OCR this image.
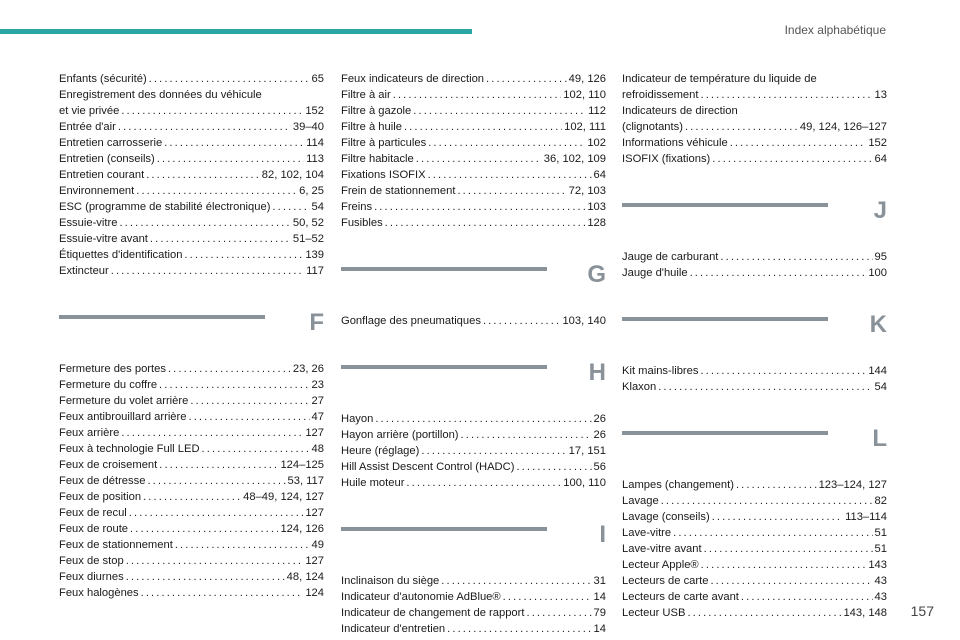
Index alphabétique
Enfants (sécurité) . . .	65
Enregistrement des données du véhicule
et vie privée . . .	152
Entrée d'air . . .	39–40
Entretien carrosserie . . .	114
Entretien (conseils) . . .	113
Entretien courant . . .	82, 102, 104
Environnement . . .	6, 25
ESC (programme de stabilité électronique) . . .	54
Essuie-vitre . . .	50, 52
Essuie-vitre avant . . .	51–52
Étiquettes d'identification . . .	139
Extincteur . . .	117
F
Fermeture des portes . . .	23, 26
Fermeture du coffre . . .	23
Fermeture du volet arrière . . .	27
Feux antibrouillard arrière . . .	47
Feux arrière . . .	127
Feux à technologie Full LED . . .	48
Feux de croisement . . .	124–125
Feux de détresse . . .	53, 117
Feux de position . . .	48–49, 124, 127
Feux de recul . . .	127
Feux de route . . .	124, 126
Feux de stationnement . . .	49
Feux de stop . . .	127
Feux diurnes . . .	48, 124
Feux halogènes . . .	124
Feux indicateurs de direction . . .	49, 126
Filtre à air . . .	102, 110
Filtre à gazole . . .	112
Filtre à huile . . .	102, 111
Filtre à particules . . .	102
Filtre habitacle . . .	36, 102, 109
Fixations ISOFIX . . .	64
Frein de stationnement . . .	72, 103
Freins . . .	103
Fusibles . . .	128
G
Gonflage des pneumatiques . . .	103, 140
H
Hayon . . .	26
Hayon arrière (portillon) . . .	26
Heure (réglage) . . .	17, 151
Hill Assist Descent Control (HADC) . . .	56
Huile moteur . . .	100, 110
I
Inclinaison du siège . . .	31
Indicateur d'autonomie AdBlue® . . .	14
Indicateur de changement de rapport . . .	79
Indicateur d'entretien . . .	14
Indicateur de température du liquide de
refroidissement . . .	13
Indicateurs de direction
(clignotants) . . .	49, 124, 126–127
Informations véhicule . . .	152
ISOFIX (fixations) . . .	64
J
Jauge de carburant . . .	95
Jauge d'huile . . .	100
K
Kit mains-libres . . .	144
Klaxon . . .	54
L
Lampes (changement) . . .	123–124, 127
Lavage . . .	82
Lavage (conseils) . . .	113–114
Lave-vitre . . .	51
Lave-vitre avant . . .	51
Lecteur Apple® . . .	143
Lecteurs de carte . . .	43
Lecteurs de carte avant . . .	43
Lecteur USB . . .	143, 148 157
